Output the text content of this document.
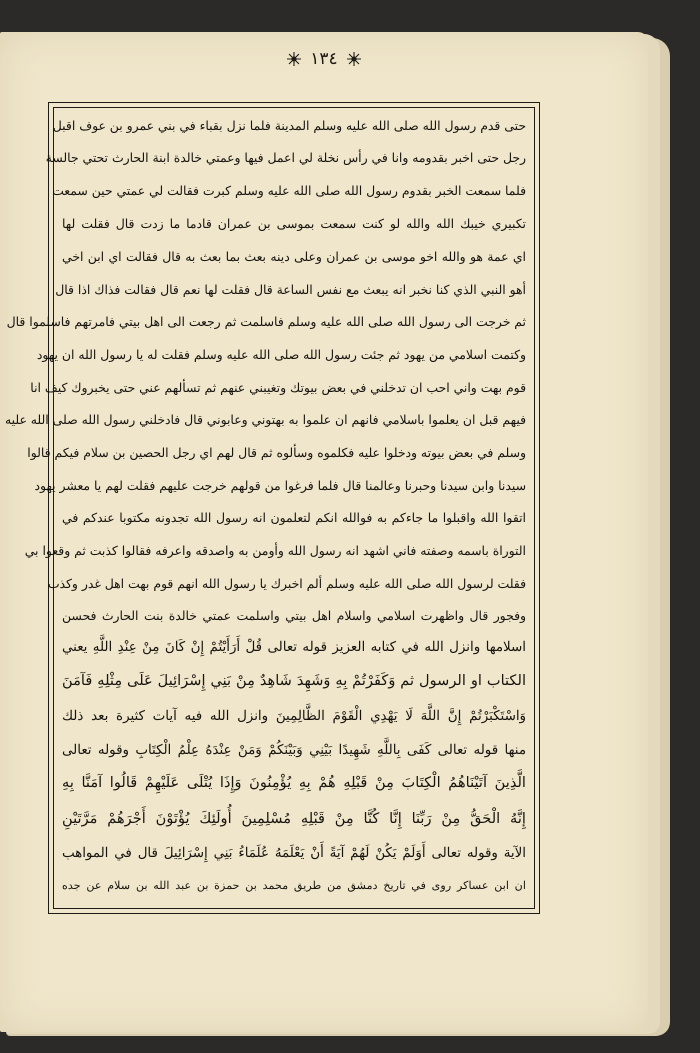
١٣٤
حتى قدم رسول الله صلى الله عليه وسلم المدينة فلما نزل بقباء في بني عمرو بن عوف اقبل
رجل حتى اخبر بقدومه وانا في رأس نخلة لي اعمل فيها وعمتي خالدة ابنة الحارث تحتي جالسة
فلما سمعت الخبر بقدوم رسول الله صلى الله عليه وسلم كبرت فقالت لي عمتي حين سمعت
تكبيري خيبك الله والله لو كنت سمعت بموسى بن عمران قادما ما زدت قال فقلت لها
اي عمة هو والله اخو موسى بن عمران وعلى دينه بعث بما بعث به قال فقالت اي ابن اخي
أهو النبي الذي كنا نخبر انه يبعث مع نفس الساعة قال فقلت لها نعم قال فقالت فذاك اذا قال
ثم خرجت الى رسول الله صلى الله عليه وسلم فاسلمت ثم رجعت الى اهل بيتي فامرتهم فاسلموا قال
وكتمت اسلامي من يهود ثم جئت رسول الله صلى الله عليه وسلم فقلت له يا رسول الله ان يهود
قوم بهت واني احب ان تدخلني في بعض بيوتك وتغيبني عنهم ثم تسألهم عني حتى يخبروك كيف انا
فيهم قبل ان يعلموا باسلامي فانهم ان علموا به بهتوني وعابوني قال فادخلني رسول الله صلى الله عليه
وسلم في بعض بيوته ودخلوا عليه فكلموه وسألوه ثم قال لهم اي رجل الحصين بن سلام فيكم قالوا
سيدنا وابن سيدنا وحبرنا وعالمنا قال فلما فرغوا من قولهم خرجت عليهم فقلت لهم يا معشر يهود
اتقوا الله واقبلوا ما جاءكم به فوالله انكم لتعلمون انه رسول الله تجدونه مكتوبا عندكم في
التوراة باسمه وصفته فاني اشهد انه رسول الله وأومن به واصدقه واعرفه فقالوا كذبت ثم وقعوا بي
فقلت لرسول الله صلى الله عليه وسلم ألم اخبرك يا رسول الله انهم قوم بهت اهل غدر وكذب
وفجور قال واظهرت اسلامي واسلام اهل بيتي واسلمت عمتي خالدة بنت الحارث فحسن
اسلامها وانزل الله في كتابه العزيز قوله تعالى قُلْ أَرَأَيْتُمْ إِنْ كَانَ مِنْ عِنْدِ اللَّهِ يعني
الكتاب او الرسول ثم وَكَفَرْتُمْ بِهِ وَشَهِدَ شَاهِدٌ مِنْ بَنِي إِسْرَائِيلَ عَلَى مِثْلِهِ فَآمَنَ
وَاسْتَكْبَرْتُمْ إِنَّ اللَّهَ لَا يَهْدِي الْقَوْمَ الظَّالِمِينَ وانزل الله فيه آيات كثيرة بعد ذلك
منها قوله تعالى كَفَى بِاللَّهِ شَهِيدًا بَيْنِي وَبَيْنَكُمْ وَمَنْ عِنْدَهُ عِلْمُ الْكِتَابِ وقوله تعالى
الَّذِينَ آتَيْنَاهُمُ الْكِتَابَ مِنْ قَبْلِهِ هُمْ بِهِ يُؤْمِنُونَ وَإِذَا يُتْلَى عَلَيْهِمْ قَالُوا آمَنَّا بِهِ
إِنَّهُ الْحَقُّ مِنْ رَبِّنَا إِنَّا كُنَّا مِنْ قَبْلِهِ مُسْلِمِينَ أُولَئِكَ يُؤْتَوْنَ أَجْرَهُمْ مَرَّتَيْنِ
الآية وقوله تعالى أَوَلَمْ يَكُنْ لَهُمْ آيَةً أَنْ يَعْلَمَهُ عُلَمَاءُ بَنِي إِسْرَائِيلَ قال في المواهب
ان ابن عساكر روى في تاريخ دمشق من طريق محمد بن حمزة بن عبد الله بن سلام عن جده
